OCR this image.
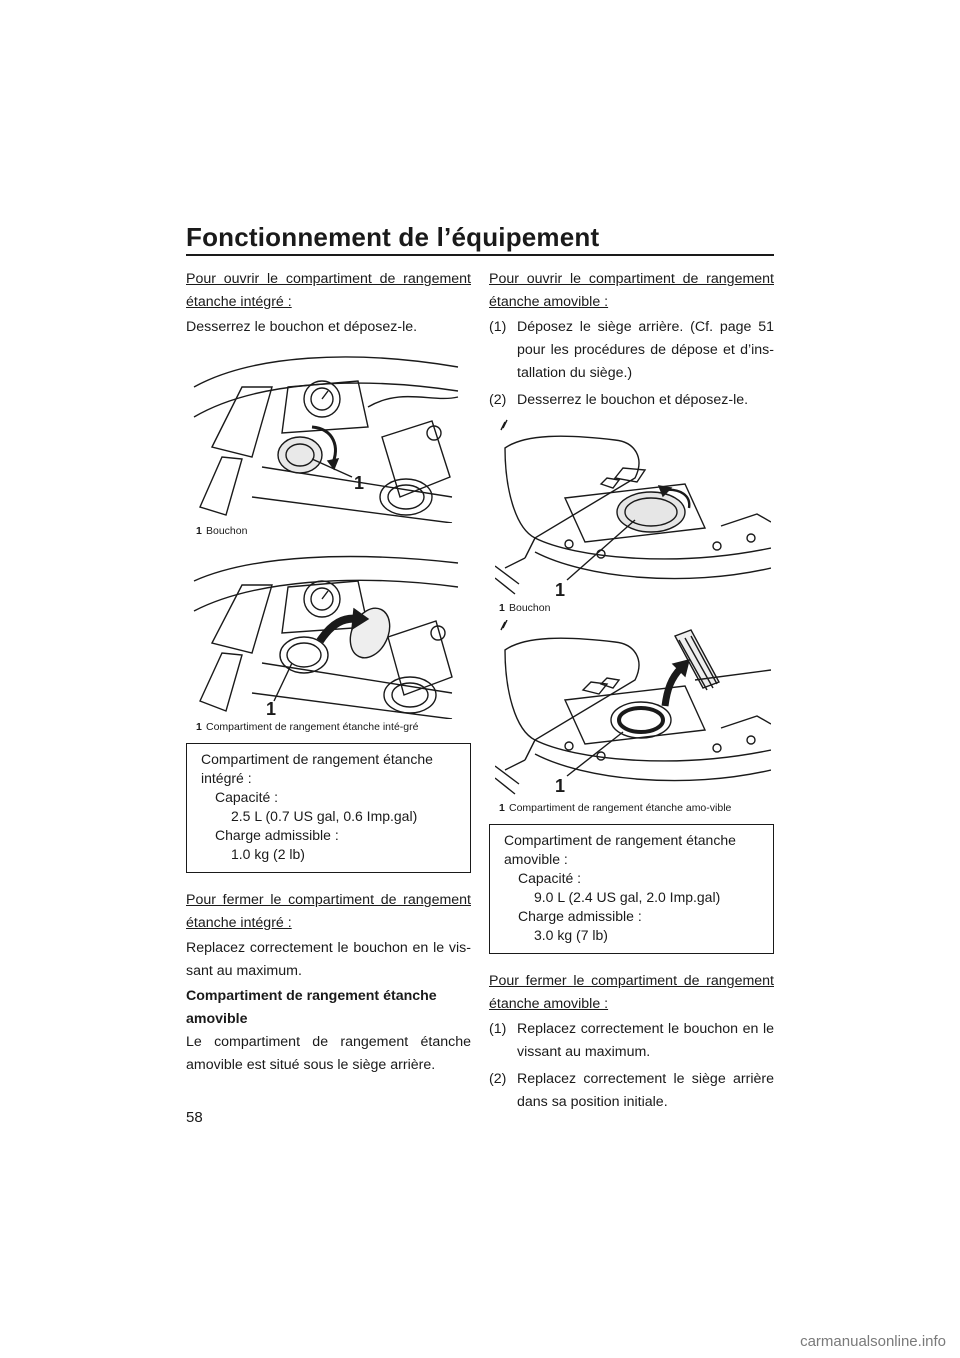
Fonctionnement de l’équipement

Pour ouvrir le compartiment de rangement étanche intégré :

Desserrez le bouchon et déposez-le.

1
1 Bouchon
1
1 Compartiment de rangement étanche inté-gré
Compartiment de rangement étanche
intégré :
Capacité :
2.5 L (0.7 US gal, 0.6 Imp.gal)
Charge admissible :
1.0 kg (2 lb)

Pour fermer le compartiment de rangement étanche intégré :

Replacez correctement le bouchon en le vis-sant au maximum.

Compartiment de rangement étanche amovible

Le compartiment de rangement étanche amovible est situé sous le siège arrière.

Pour ouvrir le compartiment de rangement étanche amovible :

(1) Déposez le siège arrière. (Cf. page 51 pour les procédures de dépose et d’ins-tallation du siège.)
(2) Desserrez le bouchon et déposez-le.
1
1 Bouchon
1
1 Compartiment de rangement étanche amo-vible
Compartiment de rangement étanche
amovible :
Capacité :
9.0 L (2.4 US gal, 2.0 Imp.gal)
Charge admissible :
3.0 kg (7 lb)

Pour fermer le compartiment de rangement étanche amovible :

(1) Replacez correctement le bouchon en le vissant au maximum.
(2) Replacez correctement le siège arrière dans sa position initiale.
58
carmanualsonline.info
